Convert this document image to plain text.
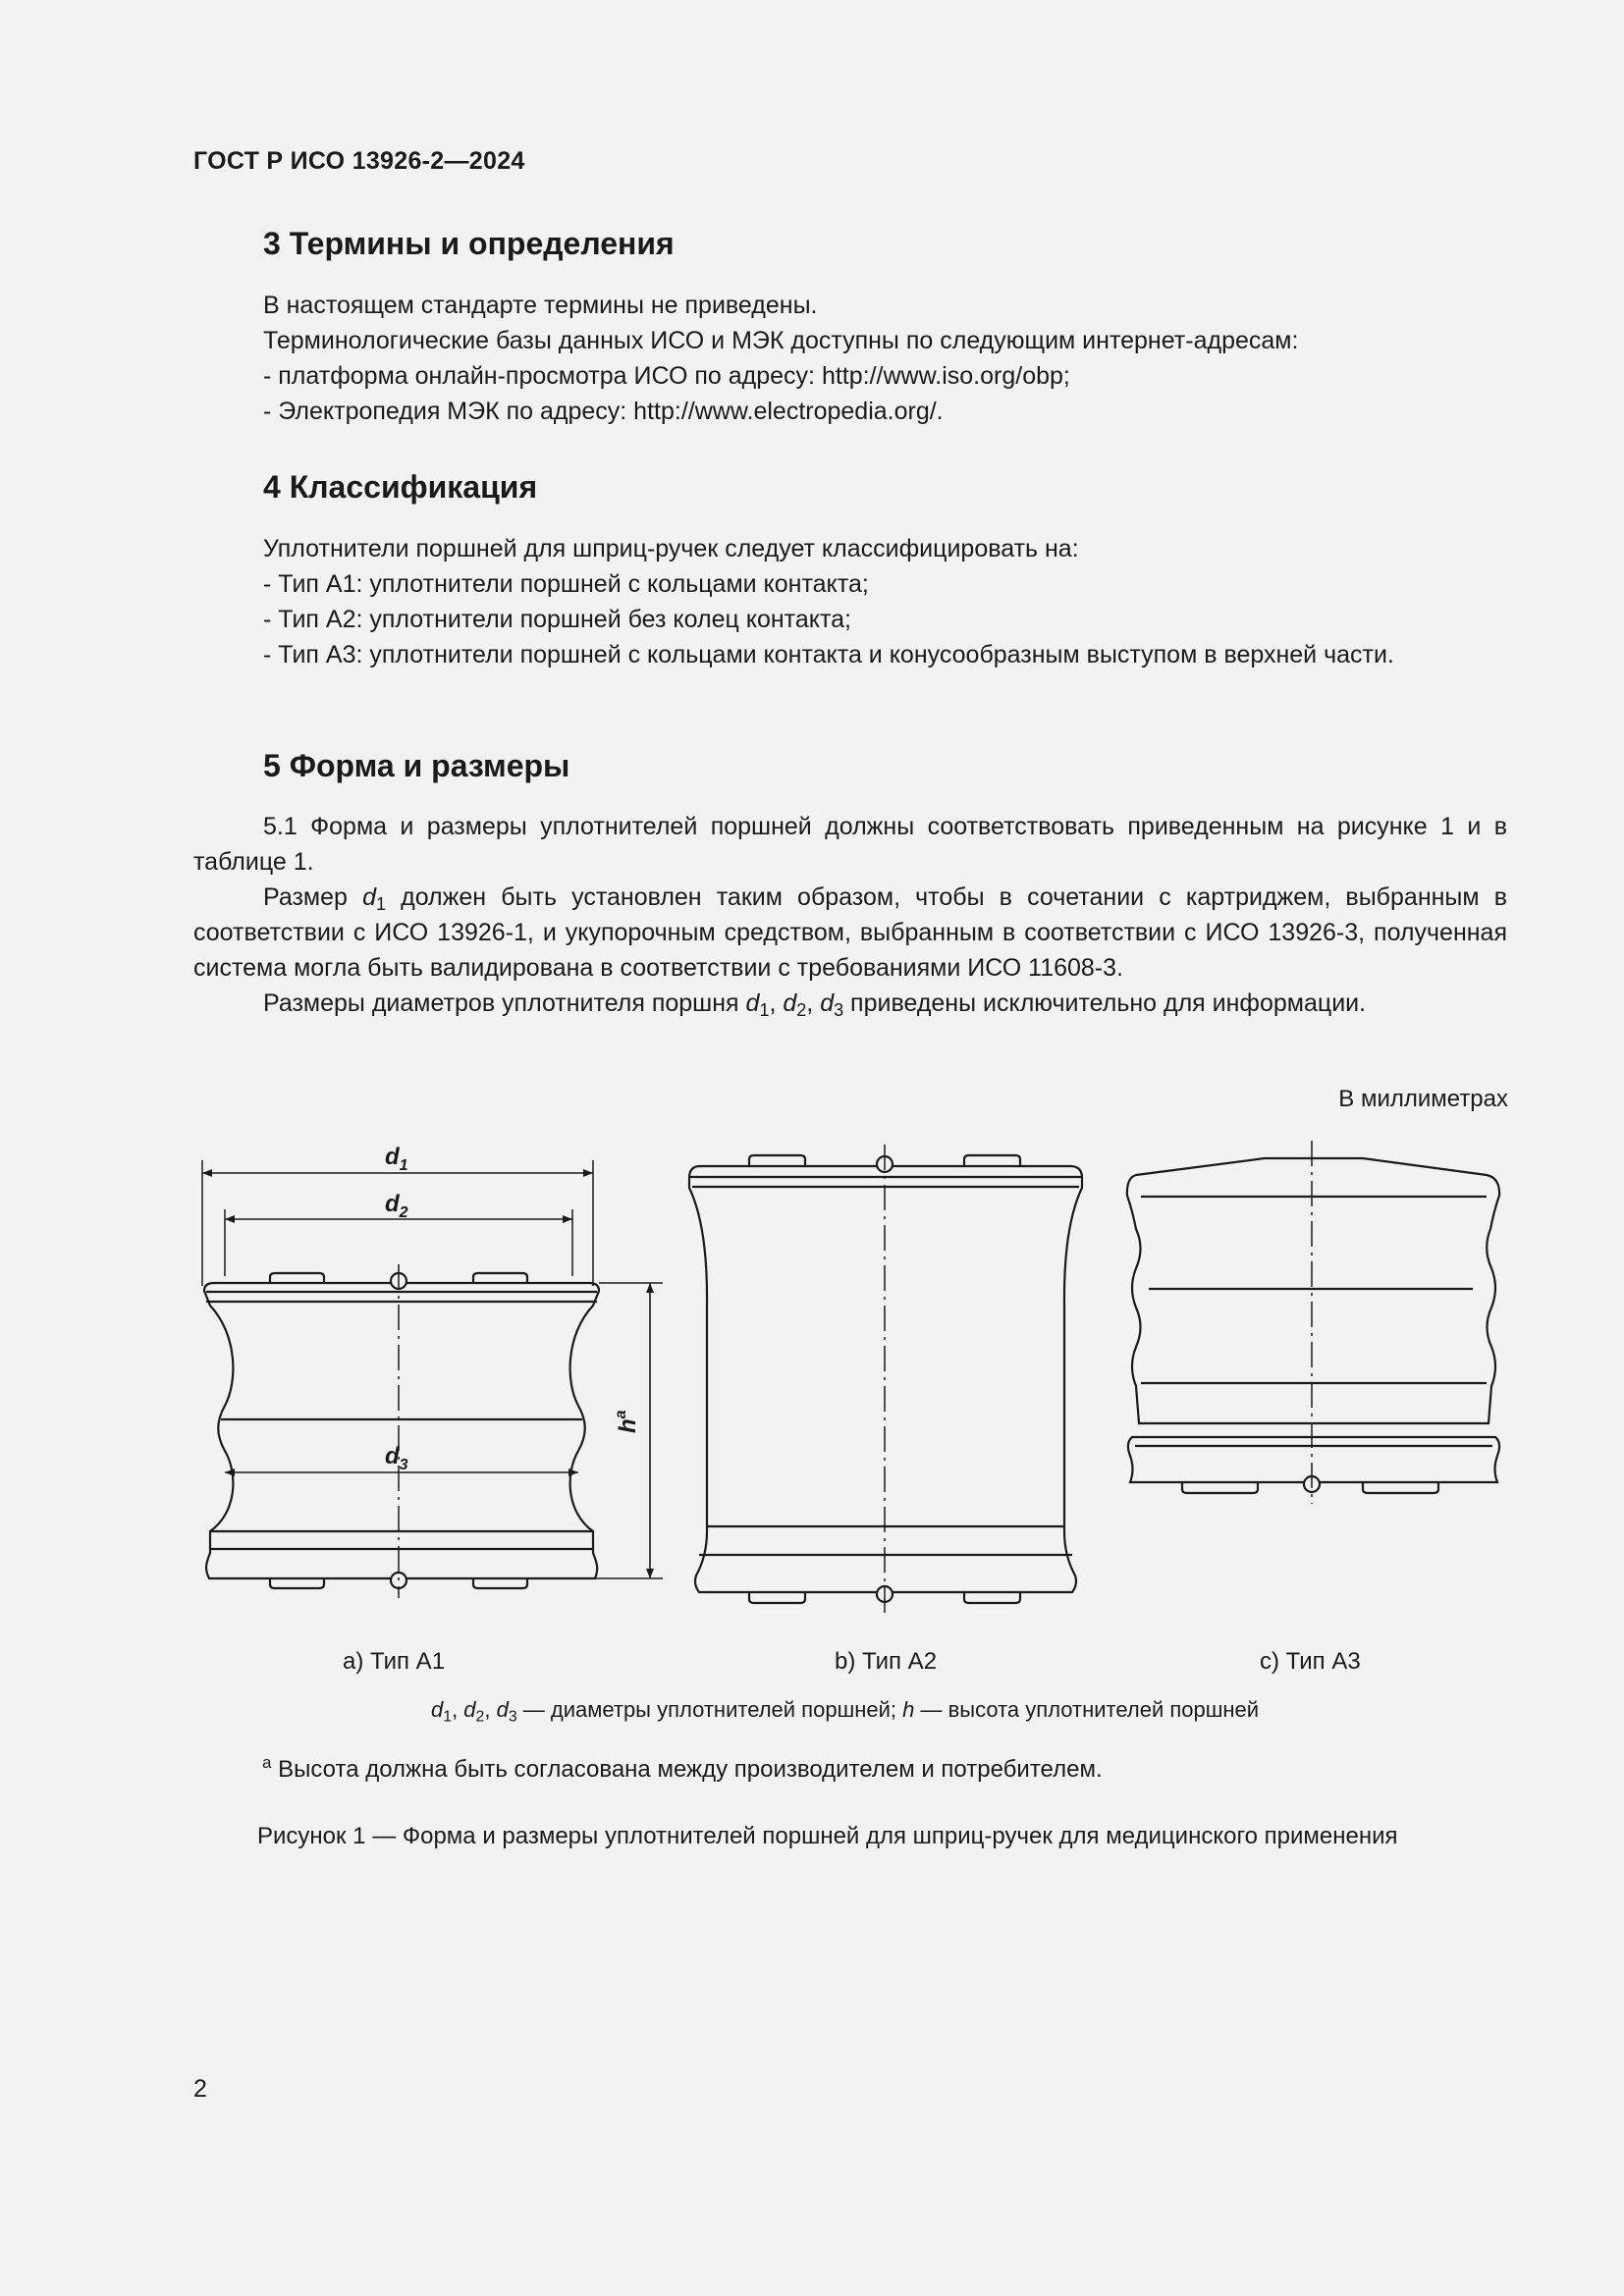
ГОСТ Р ИСО 13926-2—2024
3 Термины и определения
В настоящем стандарте термины не приведены.
Терминологические базы данных ИСО и МЭК доступны по следующим интернет-адресам:
- платформа онлайн-просмотра ИСО по адресу: http://www.iso.org/obp;
- Электропедия МЭК по адресу: http://www.electropedia.org/.
4 Классификация
Уплотнители поршней для шприц-ручек следует классифицировать на:
- Тип А1: уплотнители поршней с кольцами контакта;
- Тип А2: уплотнители поршней без колец контакта;
- Тип А3: уплотнители поршней с кольцами контакта и конусообразным выступом в верхней части.
5 Форма и размеры
5.1 Форма и размеры уплотнителей поршней должны соответствовать приведенным на рисунке 1 и в таблице 1.
Размер $d_1$ должен быть установлен таким образом, чтобы в сочетании с картриджем, выбранным в соответствии с ИСО 13926-1, и укупорочным средством, выбранным в соответствии с ИСО 13926-3, полученная система могла быть валидирована в соответствии с требованиями ИСО 11608-3.
Размеры диаметров уплотнителя поршня $d_1$, $d_2$, $d_3$ приведены исключительно для информации.
В миллиметрах
$d_1$
$d_2$
$d_3$
$h^a$
a) Тип А1	b) Тип А2	c) Тип А3
$d_1$, $d_2$, $d_3$ — диаметры уплотнителей поршней; h — высота уплотнителей поршней
$^a$ Высота должна быть согласована между производителем и потребителем.
Рисунок 1 — Форма и размеры уплотнителей поршней для шприц-ручек для медицинского применения
2
